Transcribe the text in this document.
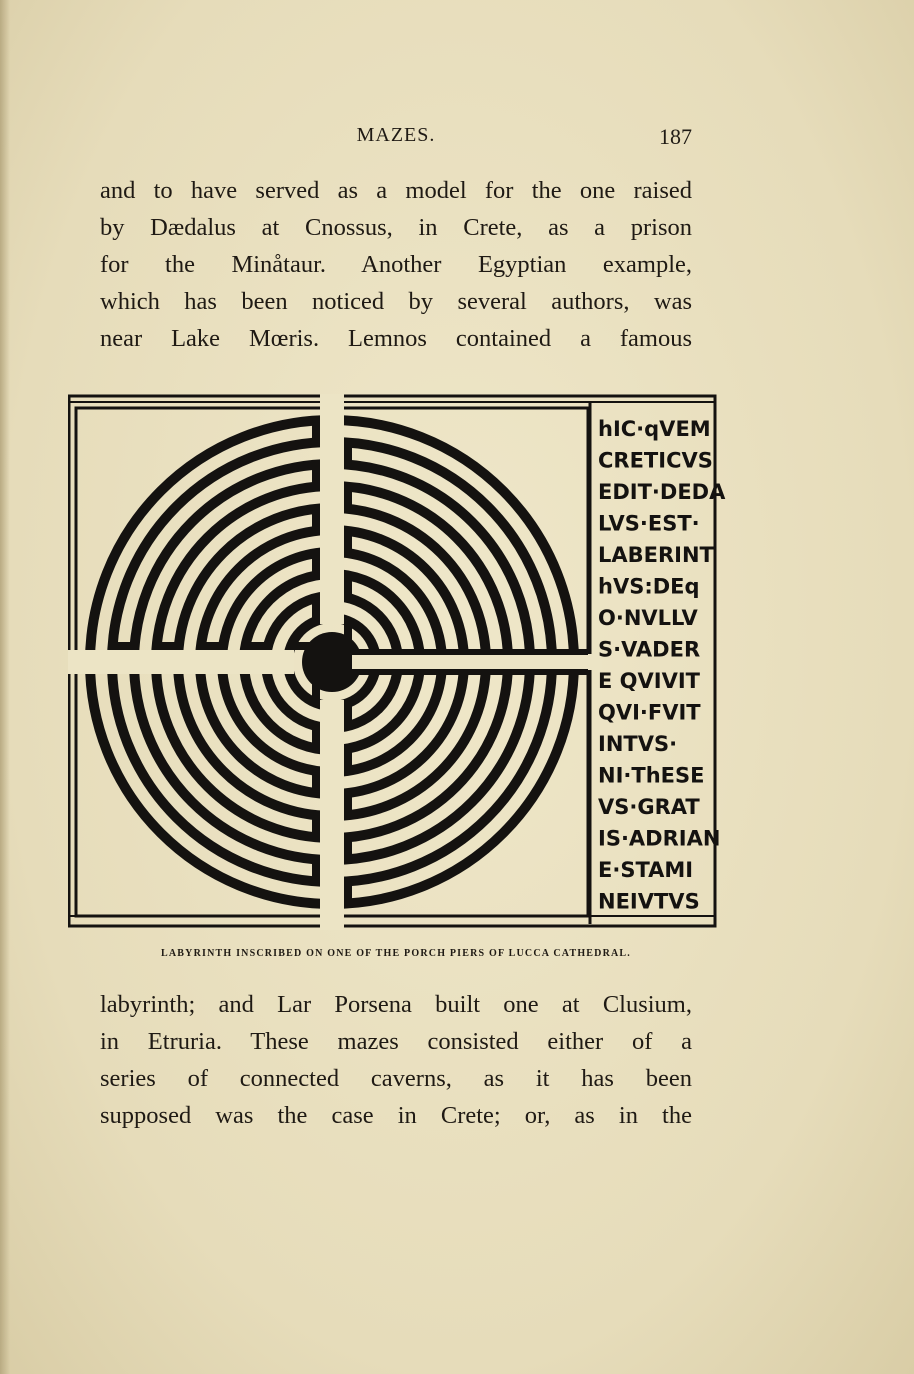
MAZES.	187

and to have served as a model for the one raised
by Dædalus at Cnossus, in Crete, as a prison
for the Minåtaur. Another Egyptian example,
which has been noticed by several authors, was
near Lake Mœris. Lemnos contained a famous

hIC·qVEM
CRETICVS
EDIT·DEDA
LVS·EST·
LABERINT
hVS:DEq
O·NVLLV
S·VADER
E QVIVIT
QVI·FVIT
INTVS·
NI·ThESE
VS·GRAT
IS·ADRIAN
E·STAMI
NEIVTVS
LABYRINTH INSCRIBED ON ONE OF THE PORCH PIERS OF LUCCA CATHEDRAL.

labyrinth; and Lar Porsena built one at Clusium,
in Etruria. These mazes consisted either of a
series of connected caverns, as it has been
supposed was the case in Crete; or, as in the
